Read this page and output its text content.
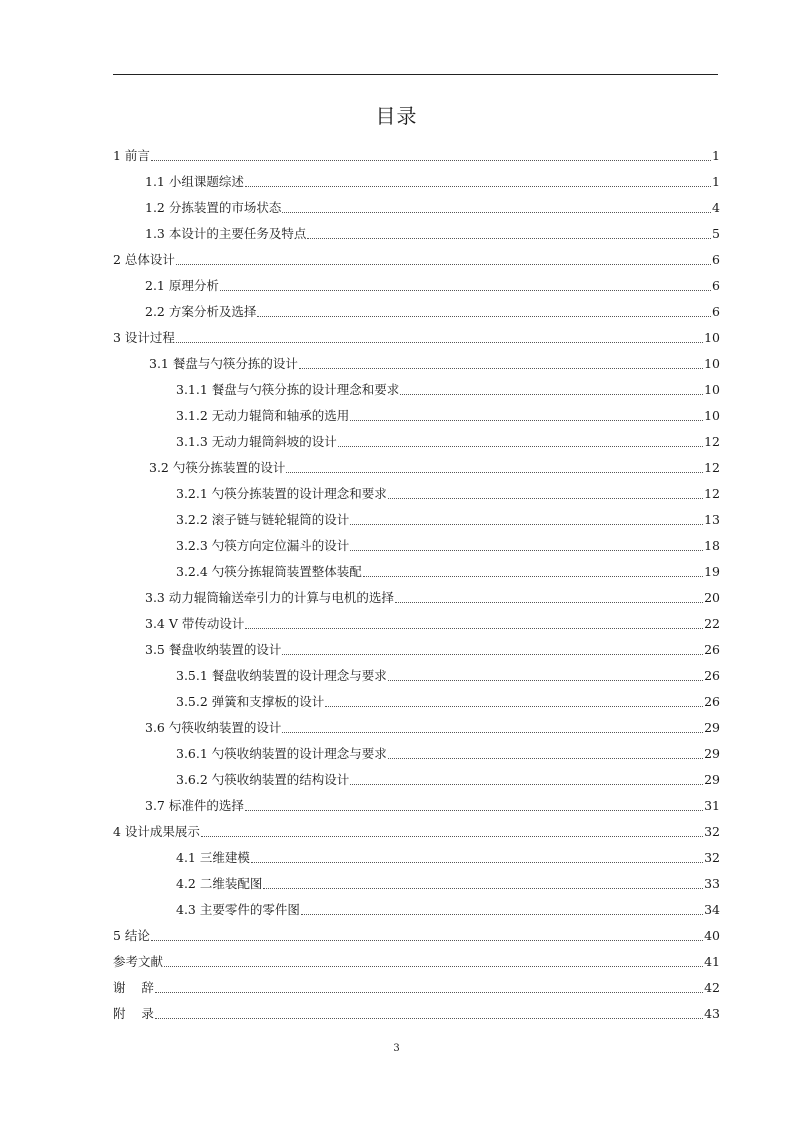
目录
1 前言	1
1.1 小组课题综述	1
1.2 分拣装置的市场状态	4
1.3 本设计的主要任务及特点	5
2 总体设计	6
2.1 原理分析	6
2.2 方案分析及选择	6
3 设计过程	10
3.1 餐盘与勺筷分拣的设计	10
3.1.1 餐盘与勺筷分拣的设计理念和要求	10
3.1.2 无动力辊筒和轴承的选用	10
3.1.3 无动力辊筒斜坡的设计	12
3.2 勺筷分拣装置的设计	12
3.2.1 勺筷分拣装置的设计理念和要求	12
3.2.2 滚子链与链轮辊筒的设计	13
3.2.3 勺筷方向定位漏斗的设计	18
3.2.4 勺筷分拣辊筒装置整体装配	19
3.3 动力辊筒输送牵引力的计算与电机的选择	20
3.4 V 带传动设计	22
3.5 餐盘收纳装置的设计	26
3.5.1 餐盘收纳装置的设计理念与要求	26
3.5.2 弹簧和支撑板的设计	26
3.6 勺筷收纳装置的设计	29
3.6.1 勺筷收纳装置的设计理念与要求	29
3.6.2 勺筷收纳装置的结构设计	29
3.7 标准件的选择	31
4 设计成果展示	32
4.1 三维建模	32
4.2 二维装配图	33
4.3 主要零件的零件图	34
5 结论	40
参考文献	41
谢    辞	42
附    录	43
3
